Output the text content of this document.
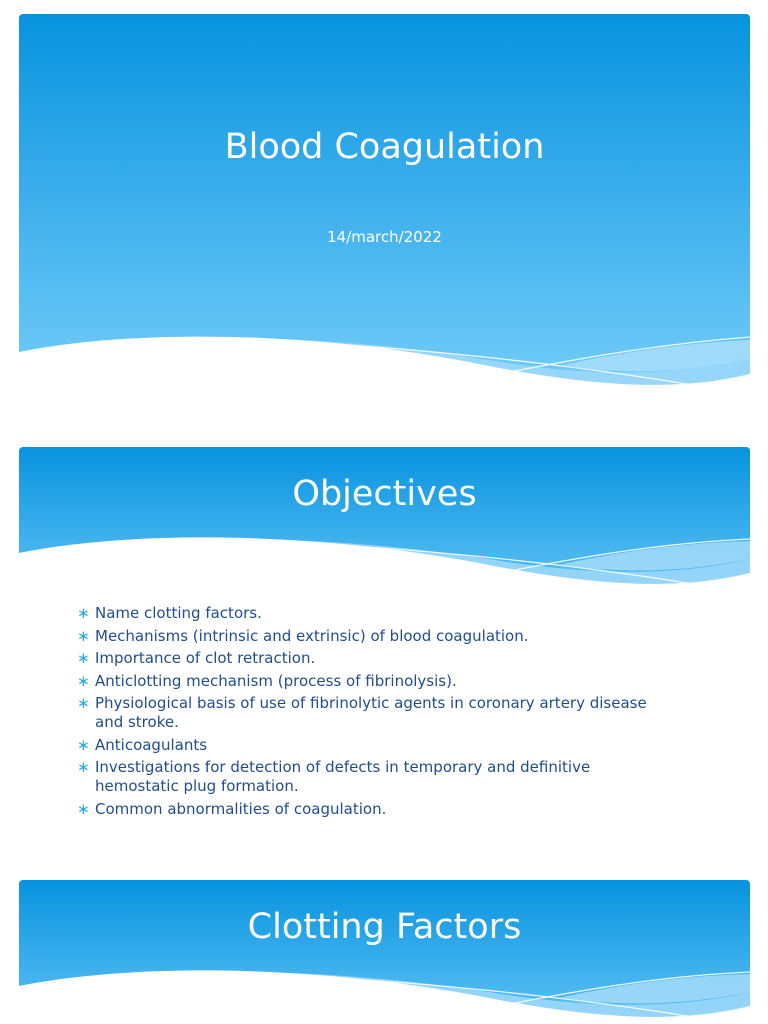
Blood Coagulation
14/march/2022
Objectives
∗ Name clotting factors.
∗ Mechanisms (intrinsic and extrinsic) of blood coagulation.
∗ Importance of clot retraction.
∗ Anticlotting mechanism (process of fibrinolysis).
∗ Physiological basis of use of fibrinolytic agents in coronary artery disease and stroke.
∗ Anticoagulants
∗ Investigations for detection of defects in temporary and definitive hemostatic plug formation.
∗ Common abnormalities of coagulation.
Clotting Factors
